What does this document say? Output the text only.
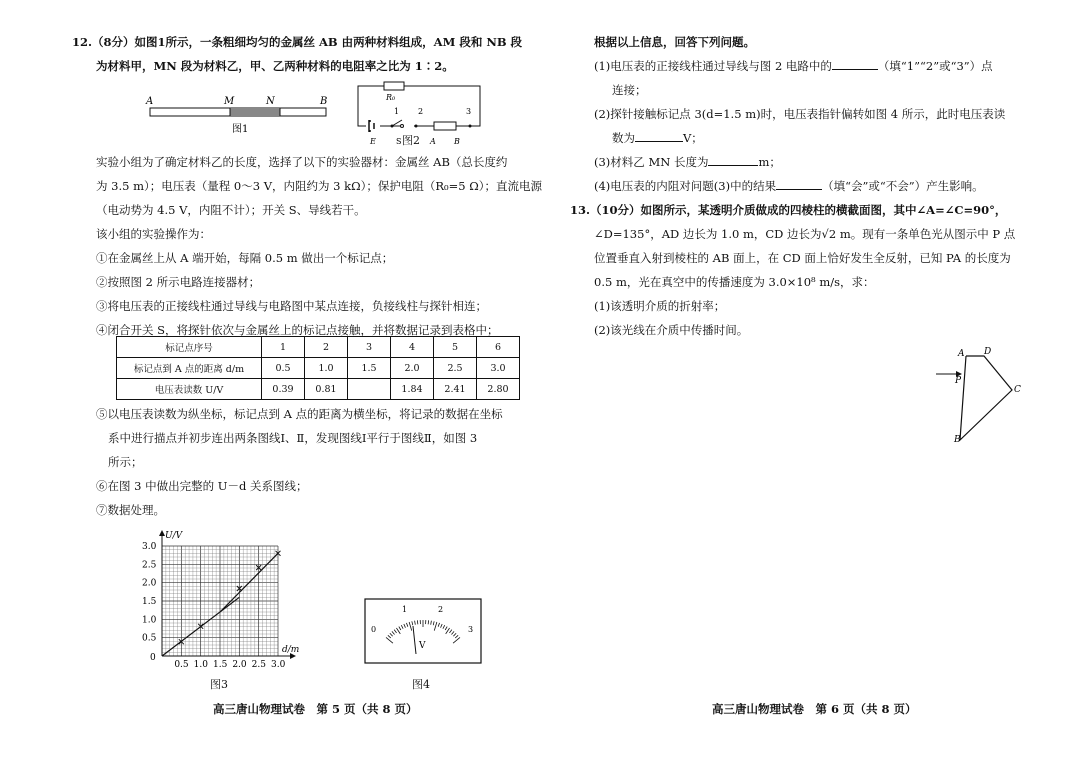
12.（8分）如图1所示，一条粗细均匀的金属丝 AB 由两种材料组成，AM 段和 NB 段
为材料甲，MN 段为材料乙，甲、乙两种材料的电阻率之比为 1∶2。
A	M	N	B
图1
R₀
1 2	3
E	S	A B
图2
实验小组为了确定材料乙的长度，选择了以下的实验器材：金属丝 AB（总长度约
为 3.5 m）；电压表（量程 0～3 V，内阻约为 3 kΩ）；保护电阻（R₀=5 Ω）；直流电源
（电动势为 4.5 V，内阻不计）；开关 S、导线若干。
该小组的实验操作为：
①在金属丝上从 A 端开始，每隔 0.5 m 做出一个标记点；
②按照图 2 所示电路连接器材；
③将电压表的正接线柱通过导线与电路图中某点连接，负接线柱与探针相连；
④闭合开关 S，将探针依次与金属丝上的标记点接触，并将数据记录到表格中；
标记点序号	1	2	3	4	5	6
标记点到 A 点的距离 d/m	0.5	1.0	1.5	2.0	2.5	3.0
电压表读数 U/V	0.39	0.81		1.84	2.41	2.80
⑤以电压表读数为纵坐标，标记点到 A 点的距离为横坐标，将记录的数据在坐标
系中进行描点并初步连出两条图线Ⅰ、Ⅱ，发现图线Ⅰ平行于图线Ⅱ，如图 3
所示；
⑥在图 3 中做出完整的 U－d 关系图线；
⑦数据处理。
0.5 1.0 1.5 2.0 2.5 3.0
0.5
1.0
1.5
2.0
2.5
3.0
0
U/V
d/m
图3
0
1	2
3
V
图4
高三唐山物理试卷　第 5 页（共 8 页）
根据以上信息，回答下列问题。
(1)电压表的正接线柱通过导线与图 2 电路中的	（填“1”“2”或“3”）点
连接；
(2)探针接触标记点 3(d=1.5 m)时，电压表指针偏转如图 4 所示，此时电压表读
数为	V；
(3)材料乙 MN 长度为	m；
(4)电压表的内阻对问题(3)中的结果	（填“会”或“不会”）产生影响。
13.（10分）如图所示，某透明介质做成的四棱柱的横截面图，其中∠A=∠C=90°，
∠D=135°，AD 边长为 1.0 m，CD 边长为√2 m。现有一条单色光从图示中 P 点
位置垂直入射到棱柱的 AB 面上，在 CD 面上恰好发生全反射，已知 PA 的长度为
0.5 m，光在真空中的传播速度为 3.0×10⁸ m/s，求：
(1)该透明介质的折射率；
(2)该光线在介质中传播时间。
A D
P
C
B
高三唐山物理试卷　第 6 页（共 8 页）
